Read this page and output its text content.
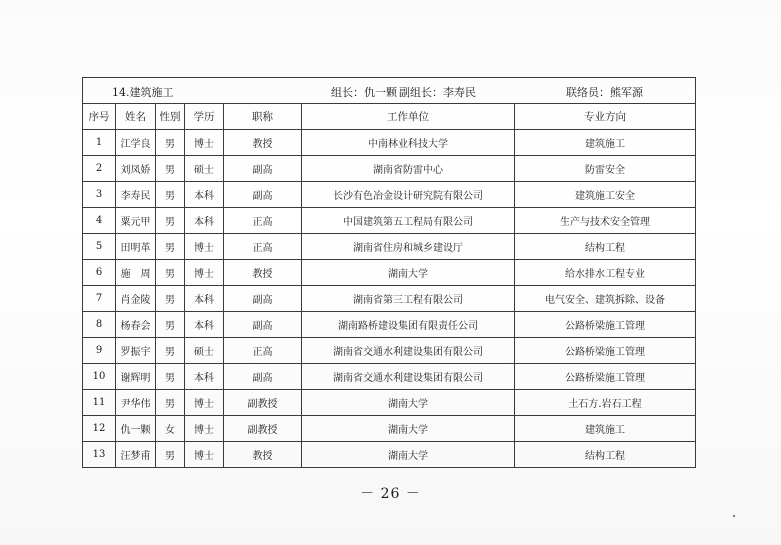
14.建筑施工 组长：仇一颗 副组长：李寿民 联络员：熊军源						

序号	姓名	性别	学历	职称	工作单位	专业方向
1	江学良	男	博士	教授	中南林业科技大学	建筑施工
2	刘凤娇	男	硕士	副高	湖南省防雷中心	防雷安全
3	李寿民	男	本科	副高	长沙有色冶金设计研究院有限公司	建筑施工安全
4	粟元甲	男	本科	正高	中国建筑第五工程局有限公司	生产与技术安全管理
5	田明革	男	博士	正高	湖南省住房和城乡建设厅	结构工程
6	施　周	男	博士	教授	湖南大学	给水排水工程专业
7	肖金陵	男	本科	副高	湖南省第三工程有限公司	电气安全、建筑拆除、设备
8	杨春会	男	本科	副高	湖南路桥建设集团有限责任公司	公路桥梁施工管理
9	罗振宇	男	硕士	正高	湖南省交通水利建设集团有限公司	公路桥梁施工管理
10	谢辉明	男	本科	副高	湖南省交通水利建设集团有限公司	公路桥梁施工管理
11	尹华伟	男	博士	副教授	湖南大学	土石方.岩石工程
12	仇一颗	女	博士	副教授	湖南大学	建筑施工
13	汪梦甫	男	博士	教授	湖南大学	结构工程
－ 26 －
